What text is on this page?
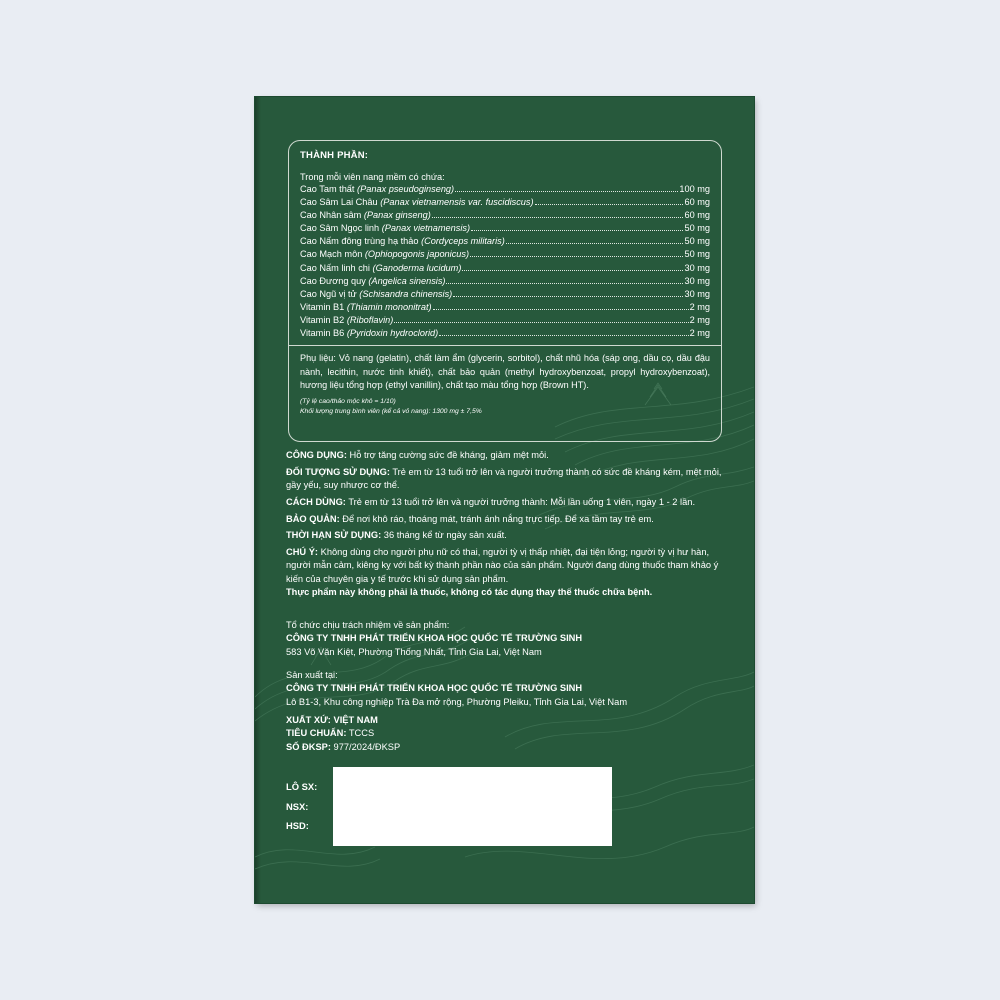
THÀNH PHẦN:
Trong mỗi viên nang mềm có chứa:
Cao Tam thất (Panax pseudoginseng)	100 mg
Cao Sâm Lai Châu (Panax vietnamensis var. fuscidiscus)	60 mg
Cao Nhân sâm (Panax ginseng)	60 mg
Cao Sâm Ngọc linh (Panax vietnamensis)	50 mg
Cao Nấm đông trùng hạ thảo (Cordyceps militaris)	50 mg
Cao Mạch môn (Ophiopogonis japonicus)	50 mg
Cao Nấm linh chi (Ganoderma lucidum)	30 mg
Cao Đương quy (Angelica sinensis)	30 mg
Cao Ngũ vị tử (Schisandra chinensis)	30 mg
Vitamin B1 (Thiamin mononitrat)	2 mg
Vitamin B2 (Riboflavin)	2 mg
Vitamin B6 (Pyridoxin hydroclorid)	2 mg
Phụ liệu: Vỏ nang (gelatin), chất làm ẩm (glycerin, sorbitol), chất nhũ hóa (sáp ong, dầu cọ, dầu đậu nành, lecithin, nước tinh khiết), chất bảo quản (methyl hydroxybenzoat, propyl hydroxybenzoat), hương liệu tổng hợp (ethyl vanillin), chất tạo màu tổng hợp (Brown HT).
(Tỷ lệ cao/thảo mộc khô = 1/10)
Khối lượng trung bình viên (kể cả vỏ nang): 1300 mg ± 7,5%
CÔNG DỤNG: Hỗ trợ tăng cường sức đề kháng, giảm mệt mỏi.
ĐỐI TƯỢNG SỬ DỤNG: Trẻ em từ 13 tuổi trở lên và người trưởng thành có sức đề kháng kém, mệt mỏi, gầy yếu, suy nhược cơ thể.
CÁCH DÙNG: Trẻ em từ 13 tuổi trở lên và người trưởng thành: Mỗi lần uống 1 viên, ngày 1 - 2 lần.
BẢO QUẢN: Để nơi khô ráo, thoáng mát, tránh ánh nắng trực tiếp. Để xa tầm tay trẻ em.
THỜI HẠN SỬ DỤNG: 36 tháng kể từ ngày sản xuất.
CHÚ Ý: Không dùng cho người phụ nữ có thai, người tỳ vị thấp nhiệt, đại tiện lỏng; người tỳ vị hư hàn, người mẫn cảm, kiêng kỵ với bất kỳ thành phần nào của sản phẩm. Người đang dùng thuốc tham khảo ý kiến của chuyên gia y tế trước khi sử dụng sản phẩm.
Thực phẩm này không phải là thuốc, không có tác dụng thay thế thuốc chữa bệnh.
Tổ chức chịu trách nhiệm về sản phẩm:
CÔNG TY TNHH PHÁT TRIỂN KHOA HỌC QUỐC TẾ TRƯỜNG SINH
583 Võ Văn Kiệt, Phường Thống Nhất, Tỉnh Gia Lai, Việt Nam
Sản xuất tại:
CÔNG TY TNHH PHÁT TRIỂN KHOA HỌC QUỐC TẾ TRƯỜNG SINH
Lô B1-3, Khu công nghiệp Trà Đa mở rộng, Phường Pleiku, Tỉnh Gia Lai, Việt Nam
XUẤT XỨ: VIỆT NAM
TIÊU CHUẨN: TCCS
SỐ ĐKSP: 977/2024/ĐKSP
LÔ SX:
NSX:
HSD:
